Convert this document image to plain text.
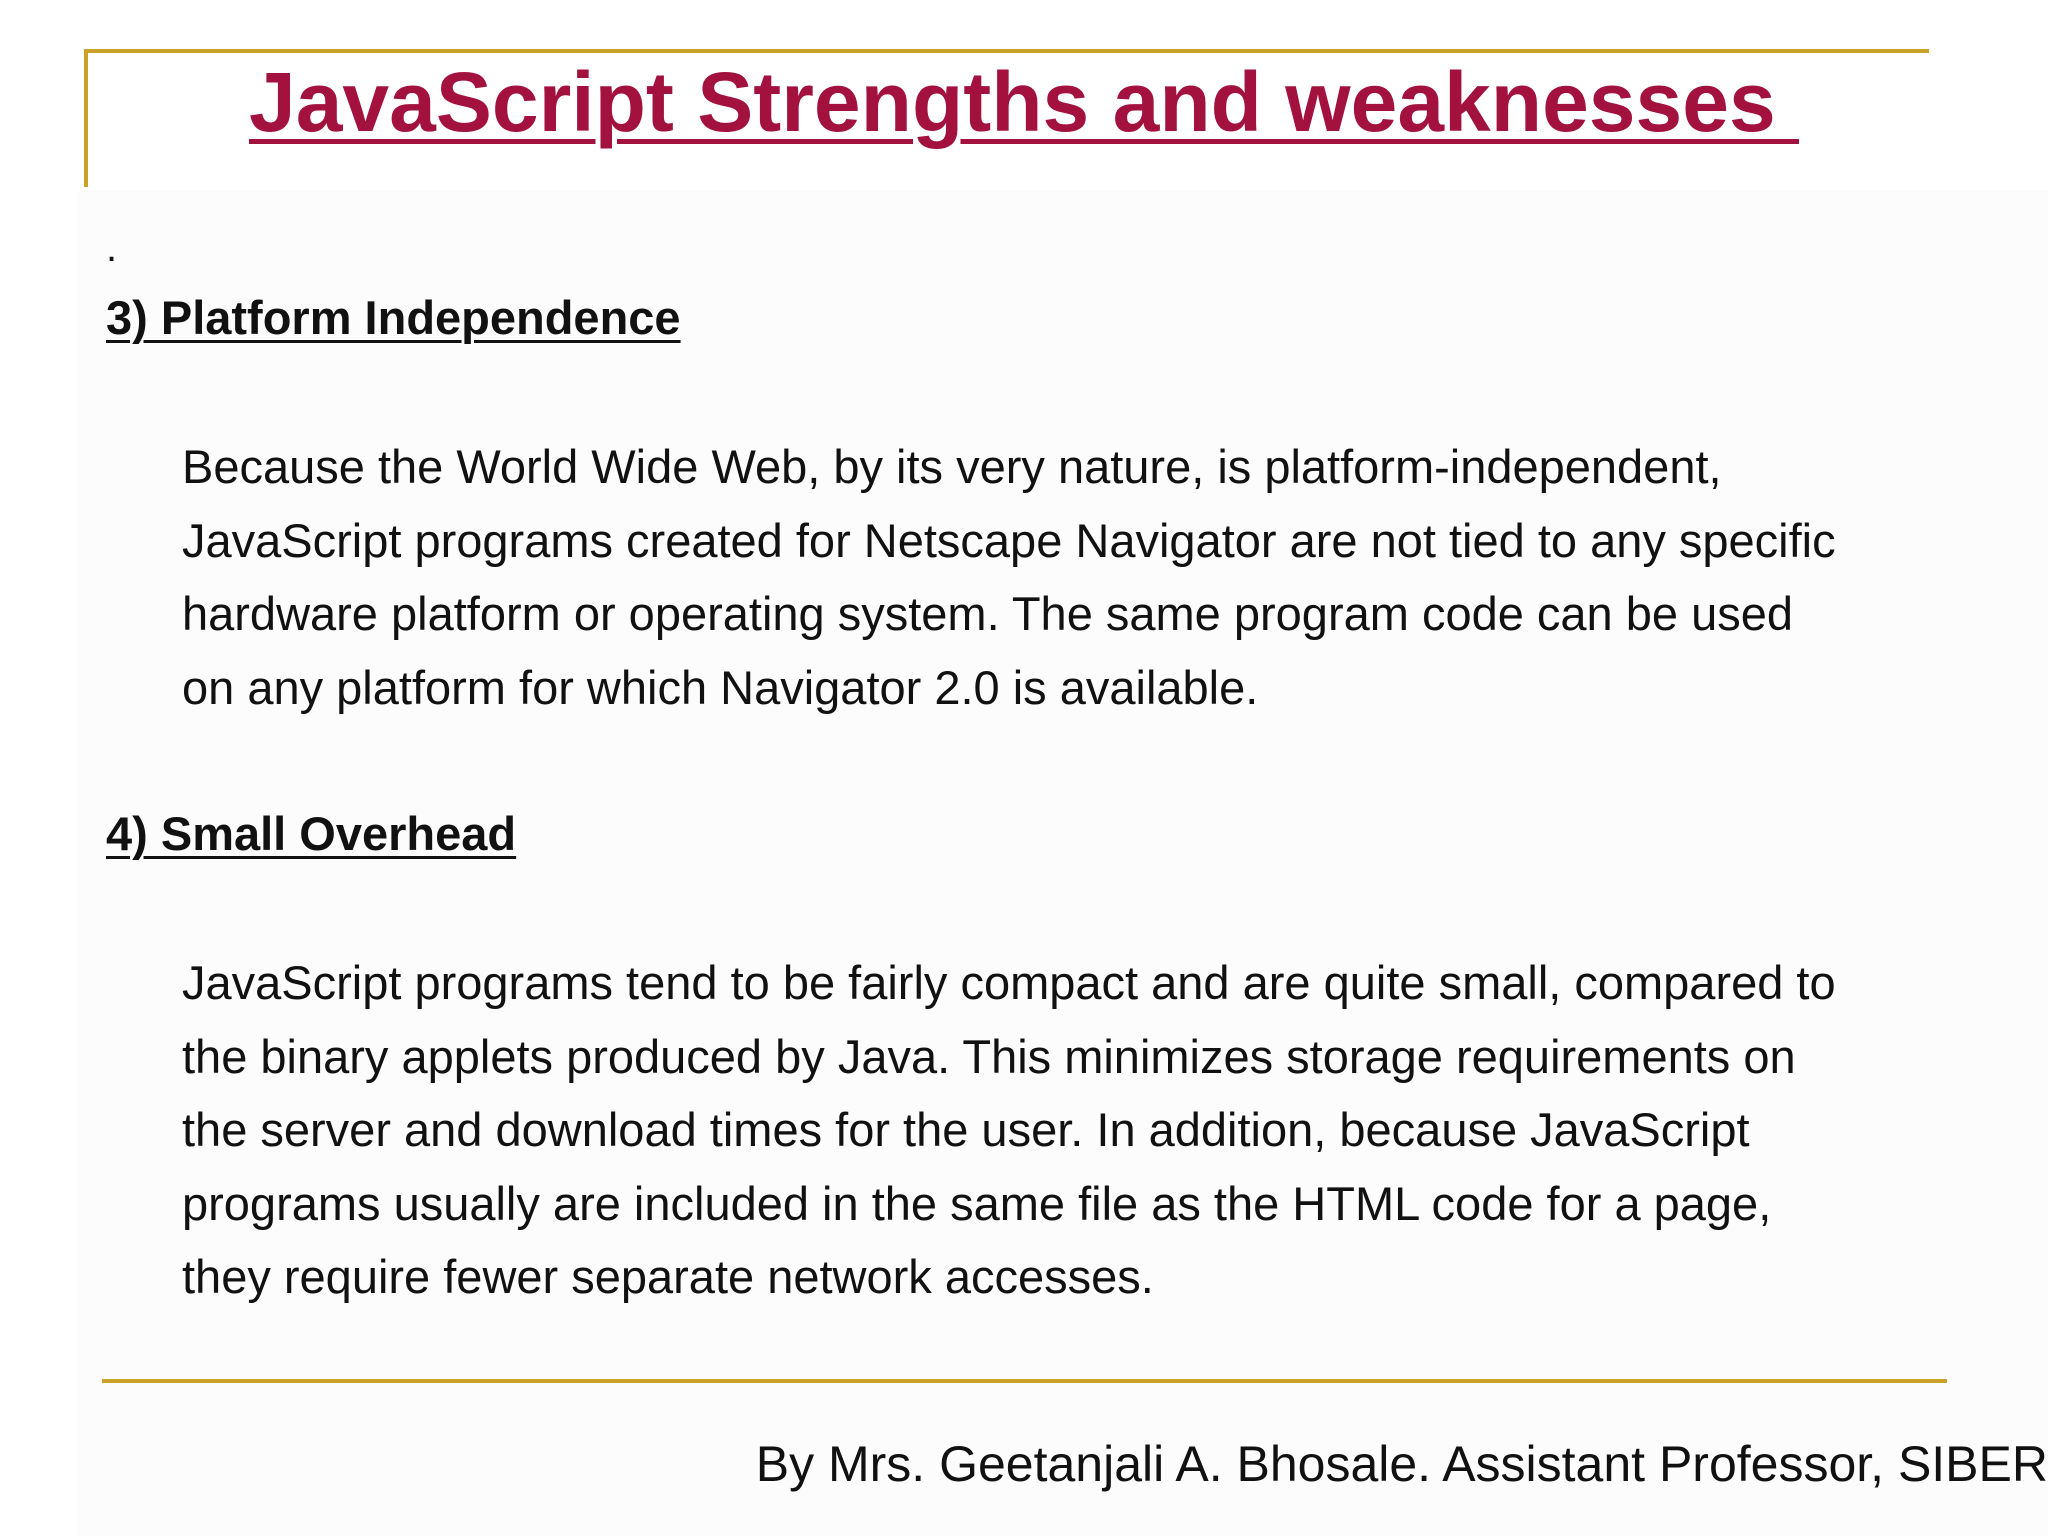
JavaScript Strengths and weaknesses
.
3) Platform Independence

Because the World Wide Web, by its very nature, is platform-independent,
JavaScript programs created for Netscape Navigator are not tied to any specific
hardware platform or operating system. The same program code can be used
on any platform for which Navigator 2.0 is available.

4) Small Overhead

JavaScript programs tend to be fairly compact and are quite small, compared to
the binary applets produced by Java. This minimizes storage requirements on
the server and download times for the user. In addition, because JavaScript
programs usually are included in the same file as the HTML code for a page,
they require fewer separate network accesses.

By Mrs. Geetanjali A. Bhosale. Assistant Professor, SIBER
